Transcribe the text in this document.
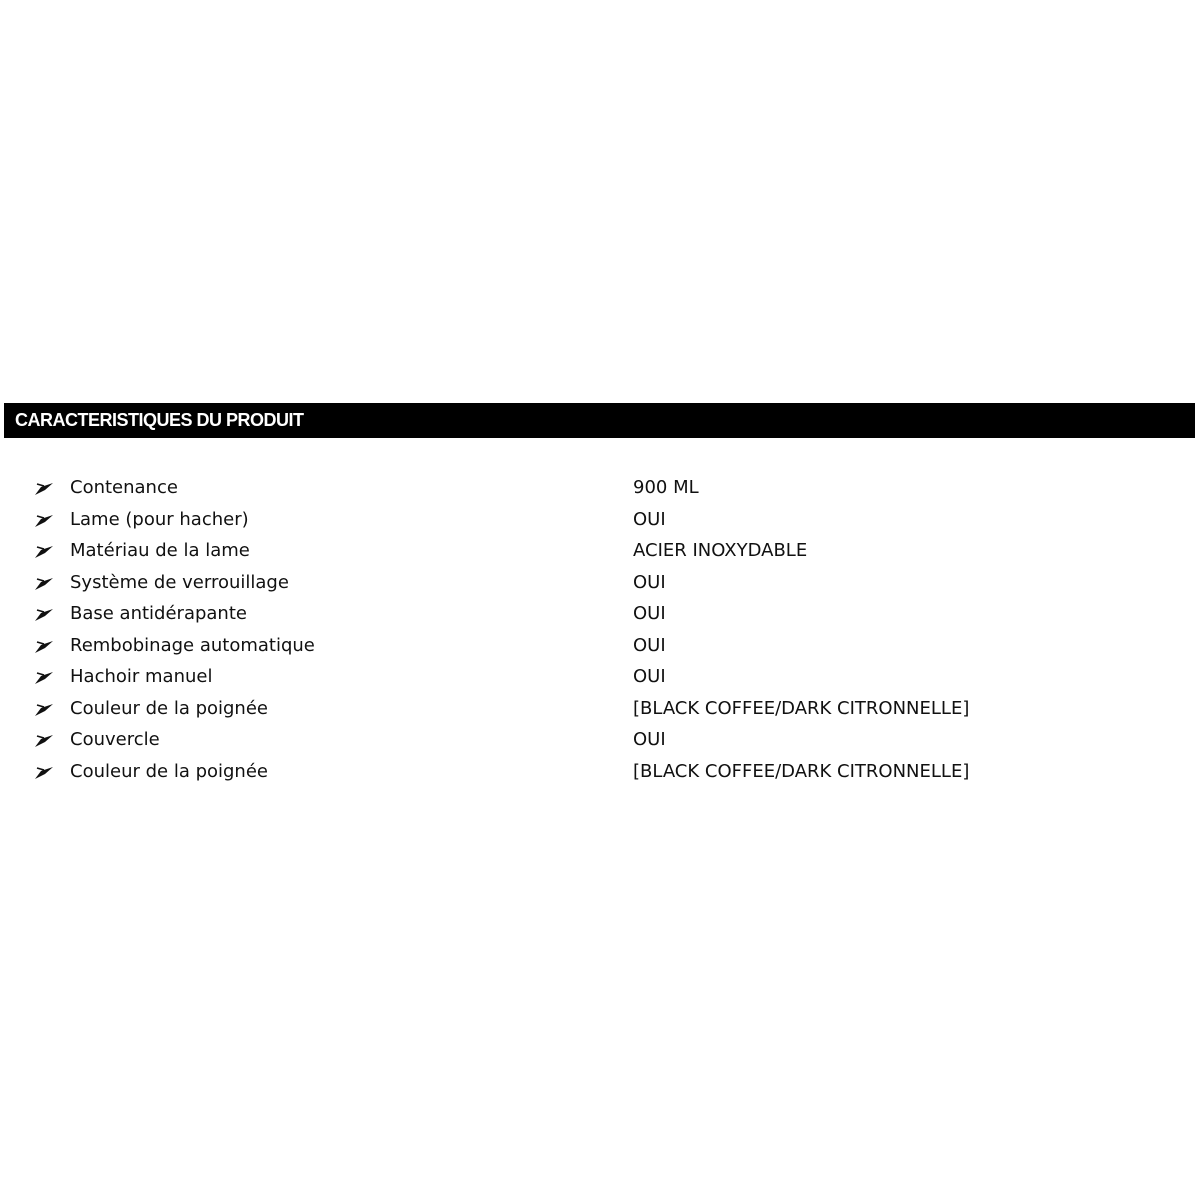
CARACTERISTIQUES DU PRODUIT
Contenance	900 ML
Lame (pour hacher)	OUI
Matériau de la lame	ACIER INOXYDABLE
Système de verrouillage	OUI
Base antidérapante	OUI
Rembobinage automatique	OUI
Hachoir manuel	OUI
Couleur de la poignée	[BLACK COFFEE/DARK CITRONNELLE]
Couvercle	OUI
Couleur de la poignée	[BLACK COFFEE/DARK CITRONNELLE]
